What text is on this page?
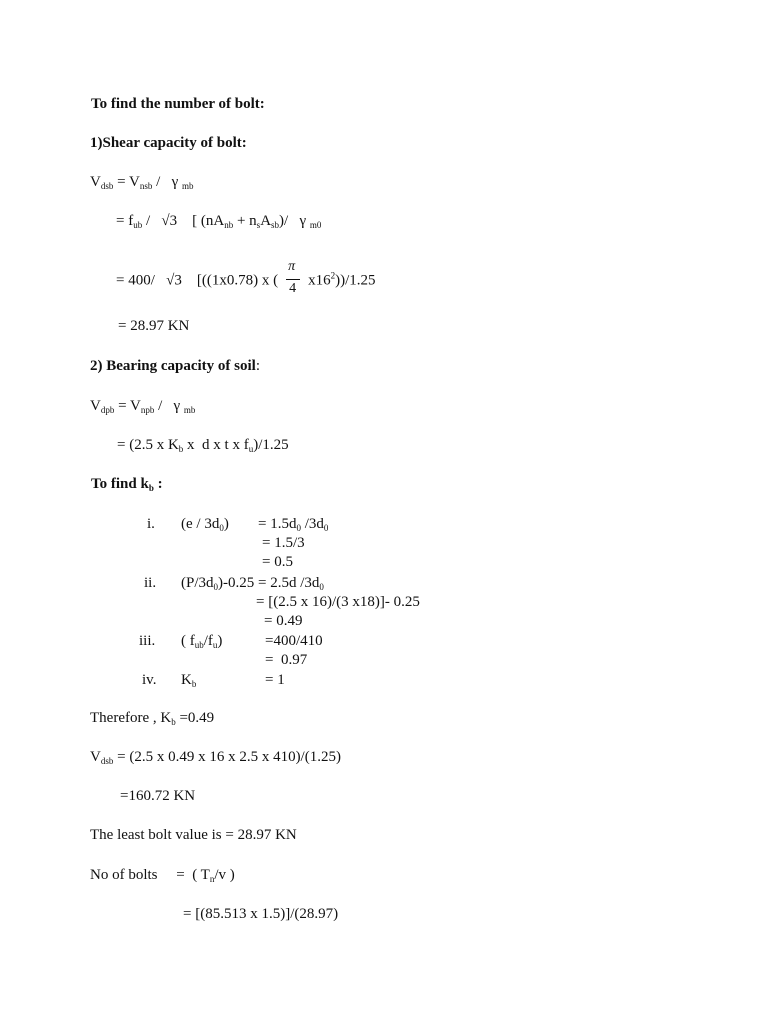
To find the number of bolt:
1)Shear capacity of bolt:
$V_{dsb} = V_{nsb} / \gamma$ $_{mb}$
= $f_{ub} / √3$    [ $(nA_{nb} + n_sA_{sb})/$   γ $_{m0}$
= 400/   √3    [((1x0.78) x ( $\frac{\pi}{4} x16^2))/1.25$
= 28.97 KN
2) Bearing capacity of soil:
$V_{dpb} = V_{npb} / \gamma$ $_{mb}$
= (2.5 x $K_b$ x  d x t x $f_u)/1.25$
To find $k_b$ :
i. $(e / 3d_0) = 1.5d_0$ $/3d_0$
= 1.5/3
= 0.5
ii. $(P/3d_0)-0.25 = 2.5d$ $/3d_0$
= [(2.5 x 16)/(3 x18)]- 0.25
= 0.49
iii. ( $f_{ub}/f_u$)	=400/410
=  0.97
iv. $K_b$	= 1
Therefore , $K_b =0.49$
$V_{dsb} = (2.5$ x 0.49 x 16 x 2.5 x 410)/(1.25)
=160.72 KN
The least bolt value is = 28.97 KN
No of bolts     =  ( $T_n/v$ )
= [(85.513 x 1.5)]/(28.97)
